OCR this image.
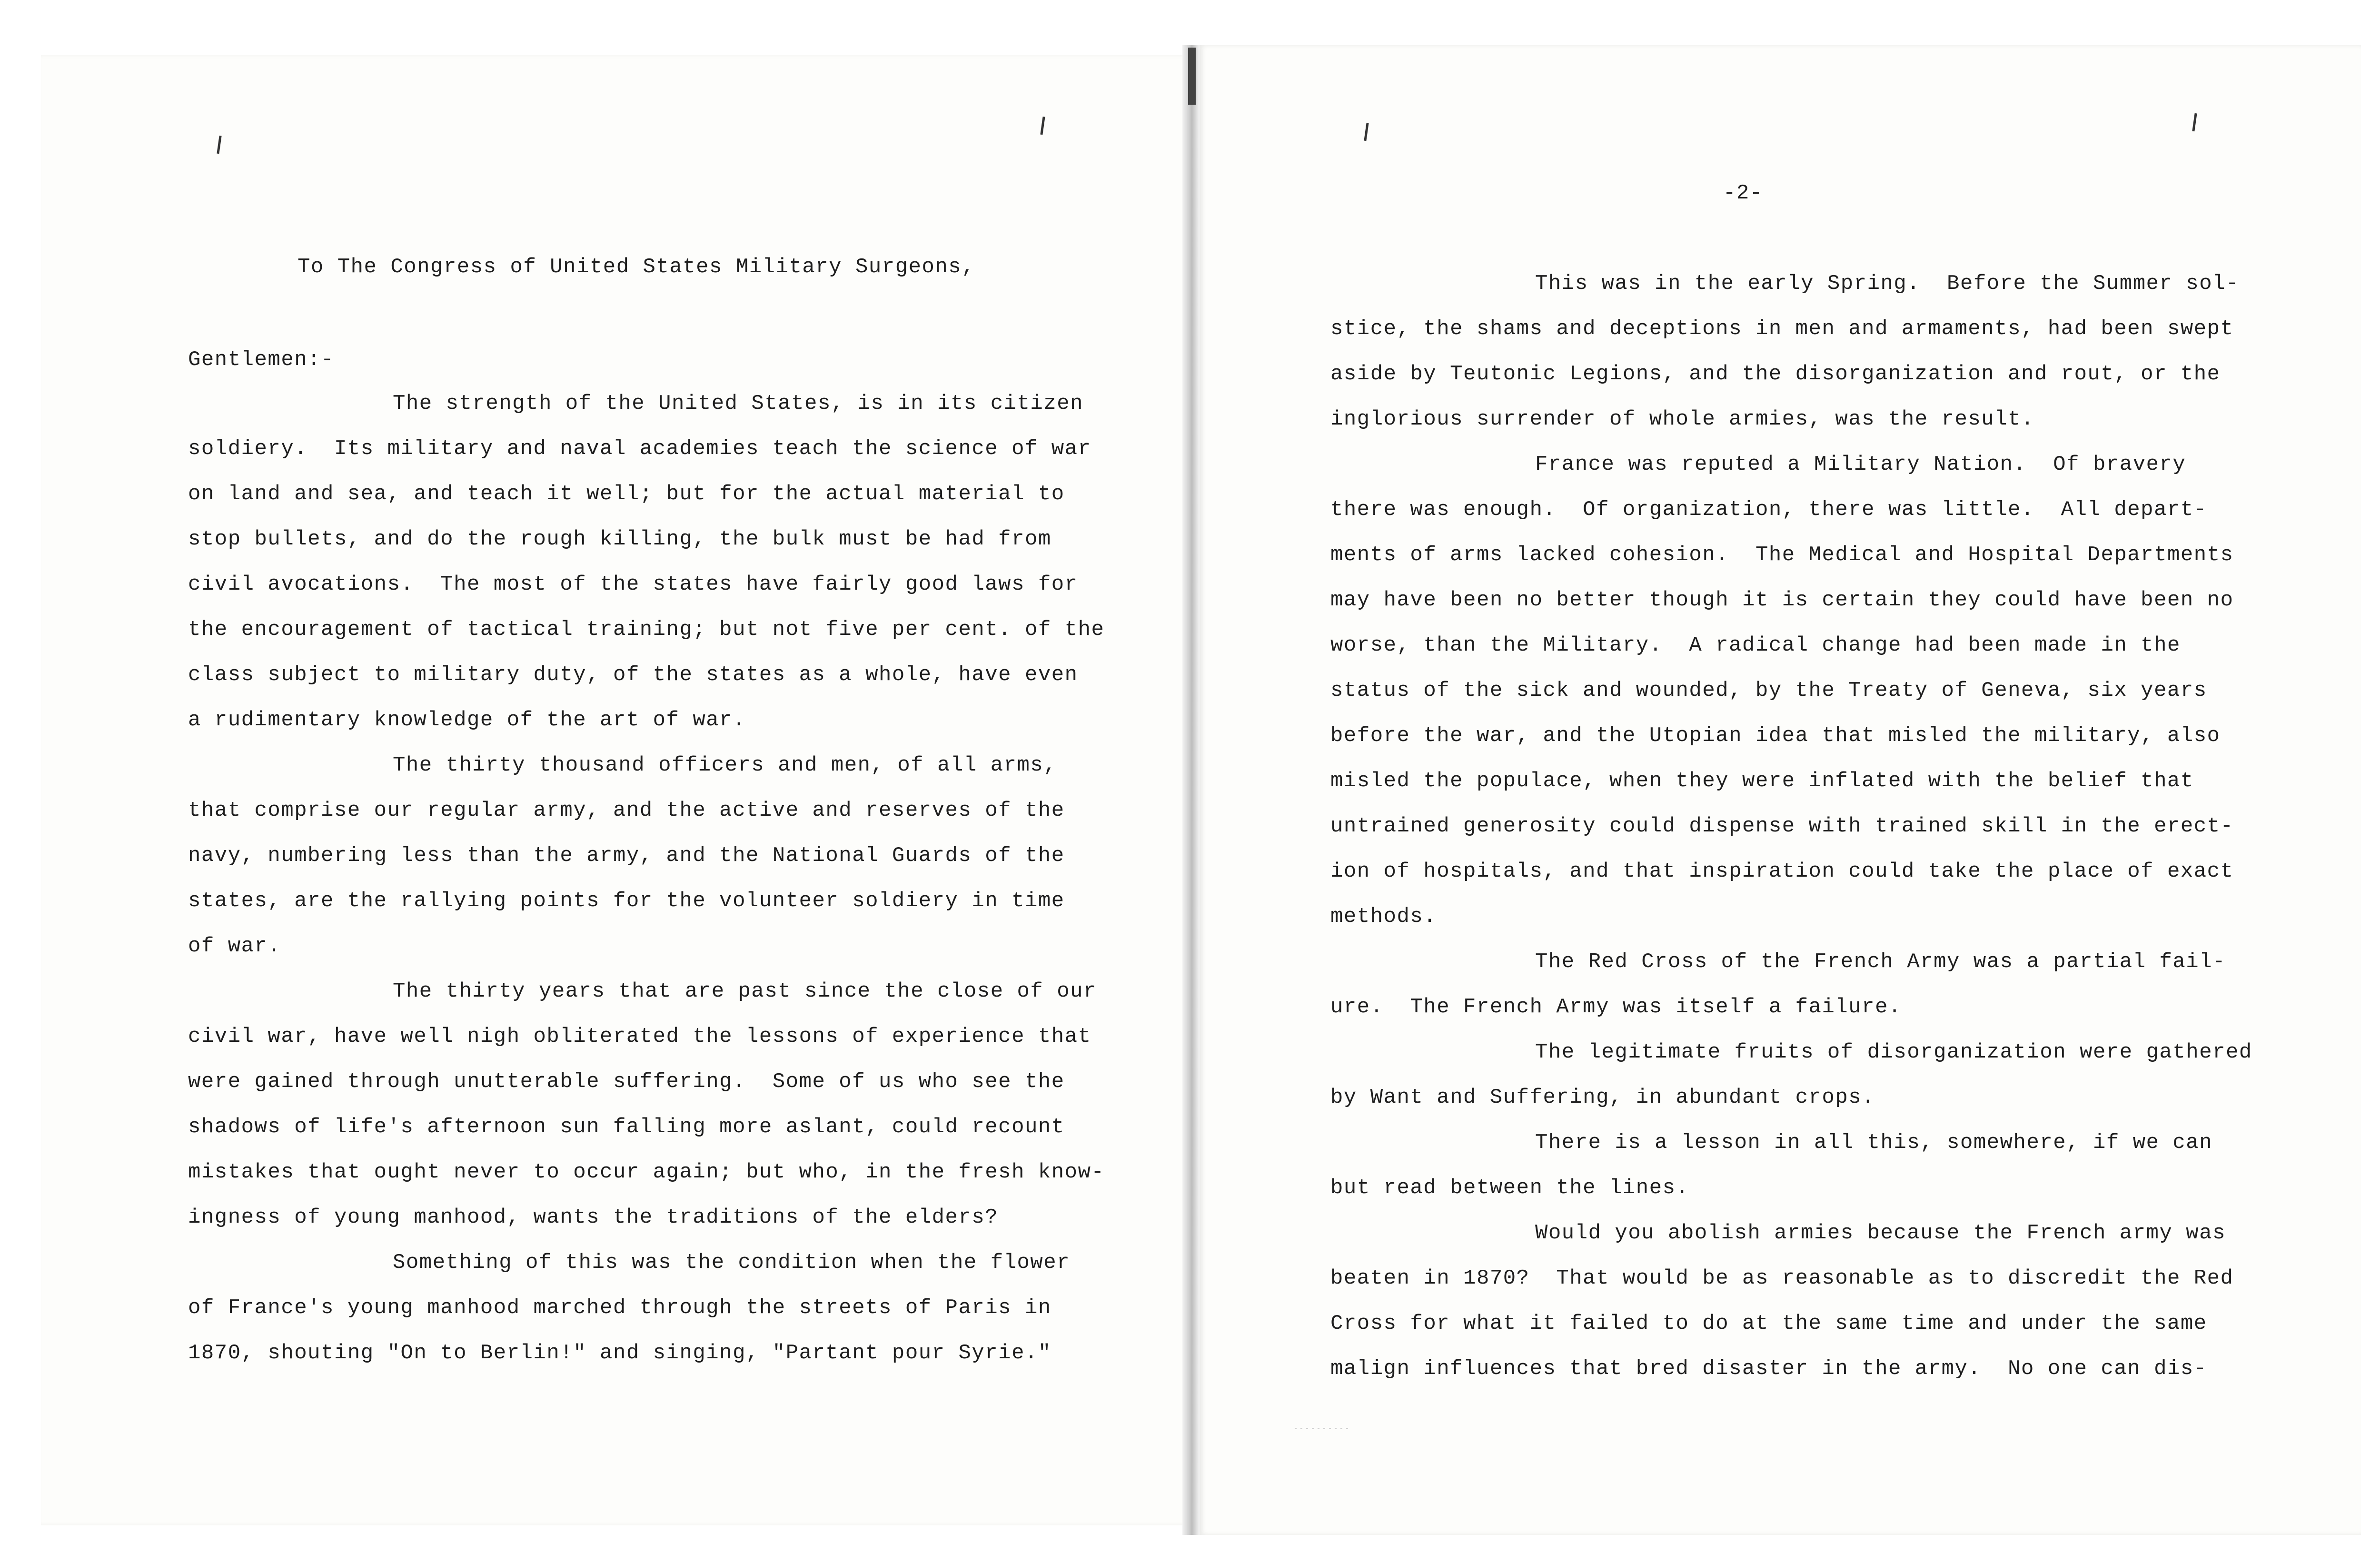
To The Congress of United States Military Surgeons,
Gentlemen:-
The strength of the United States, is in its citizen
soldiery.  Its military and naval academies teach the science of war
on land and sea, and teach it well; but for the actual material to
stop bullets, and do the rough killing, the bulk must be had from
civil avocations.  The most of the states have fairly good laws for
the encouragement of tactical training; but not five per cent. of the
class subject to military duty, of the states as a whole, have even
a rudimentary knowledge of the art of war.
The thirty thousand officers and men, of all arms,
that comprise our regular army, and the active and reserves of the
navy, numbering less than the army, and the National Guards of the
states, are the rallying points for the volunteer soldiery in time
of war.
The thirty years that are past since the close of our
civil war, have well nigh obliterated the lessons of experience that
were gained through unutterable suffering.  Some of us who see the
shadows of life's afternoon sun falling more aslant, could recount
mistakes that ought never to occur again; but who, in the fresh know-
ingness of young manhood, wants the traditions of the elders?
Something of this was the condition when the flower
of France's young manhood marched through the streets of Paris in
1870, shouting "On to Berlin!" and singing, "Partant pour Syrie."
-2-
This was in the early Spring.  Before the Summer sol-
stice, the shams and deceptions in men and armaments, had been swept
aside by Teutonic Legions, and the disorganization and rout, or the
inglorious surrender of whole armies, was the result.
France was reputed a Military Nation.  Of bravery
there was enough.  Of organization, there was little.  All depart-
ments of arms lacked cohesion.  The Medical and Hospital Departments
may have been no better though it is certain they could have been no
worse, than the Military.  A radical change had been made in the
status of the sick and wounded, by the Treaty of Geneva, six years
before the war, and the Utopian idea that misled the military, also
misled the populace, when they were inflated with the belief that
untrained generosity could dispense with trained skill in the erect-
ion of hospitals, and that inspiration could take the place of exact
methods.
The Red Cross of the French Army was a partial fail-
ure.  The French Army was itself a failure.
The legitimate fruits of disorganization were gathered
by Want and Suffering, in abundant crops.
There is a lesson in all this, somewhere, if we can
but read between the lines.
Would you abolish armies because the French army was
beaten in 1870?  That would be as reasonable as to discredit the Red
Cross for what it failed to do at the same time and under the same
malign influences that bred disaster in the army.  No one can dis-
